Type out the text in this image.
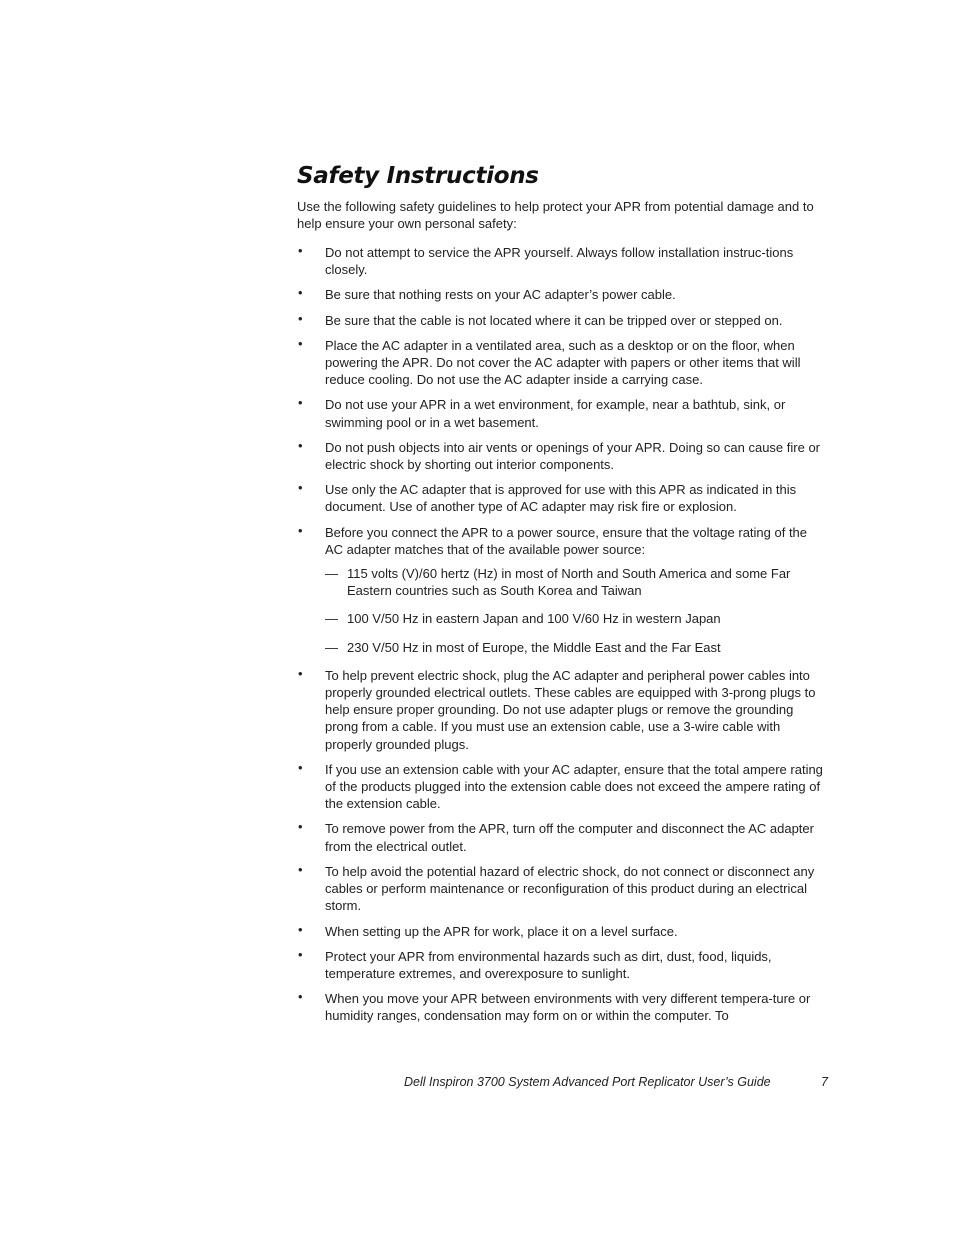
Safety Instructions

Use the following safety guidelines to help protect your APR from potential damage and to help ensure your own personal safety:

• Do not attempt to service the APR yourself. Always follow installation instruc-tions closely.
• Be sure that nothing rests on your AC adapter’s power cable.
• Be sure that the cable is not located where it can be tripped over or stepped on.
• Place the AC adapter in a ventilated area, such as a desktop or on the floor, when powering the APR. Do not cover the AC adapter with papers or other items that will reduce cooling. Do not use the AC adapter inside a carrying case.
• Do not use your APR in a wet environment, for example, near a bathtub, sink, or swimming pool or in a wet basement.
• Do not push objects into air vents or openings of your APR. Doing so can cause fire or electric shock by shorting out interior components.
• Use only the AC adapter that is approved for use with this APR as indicated in this document. Use of another type of AC adapter may risk fire or explosion.
• Before you connect the APR to a power source, ensure that the voltage rating of the AC adapter matches that of the available power source:
— 115 volts (V)/60 hertz (Hz) in most of North and South America and some Far Eastern countries such as South Korea and Taiwan
— 100 V/50 Hz in eastern Japan and 100 V/60 Hz in western Japan
— 230 V/50 Hz in most of Europe, the Middle East and the Far East
• To help prevent electric shock, plug the AC adapter and peripheral power cables into properly grounded electrical outlets. These cables are equipped with 3-prong plugs to help ensure proper grounding. Do not use adapter plugs or remove the grounding prong from a cable. If you must use an extension cable, use a 3-wire cable with properly grounded plugs.
• If you use an extension cable with your AC adapter, ensure that the total ampere rating of the products plugged into the extension cable does not exceed the ampere rating of the extension cable.
• To remove power from the APR, turn off the computer and disconnect the AC adapter from the electrical outlet.
• To help avoid the potential hazard of electric shock, do not connect or disconnect any cables or perform maintenance or reconfiguration of this product during an electrical storm.
• When setting up the APR for work, place it on a level surface.
• Protect your APR from environmental hazards such as dirt, dust, food, liquids, temperature extremes, and overexposure to sunlight.
• When you move your APR between environments with very different tempera-ture or humidity ranges, condensation may form on or within the computer. To
Dell Inspiron 3700 System Advanced Port Replicator User’s Guide	7
